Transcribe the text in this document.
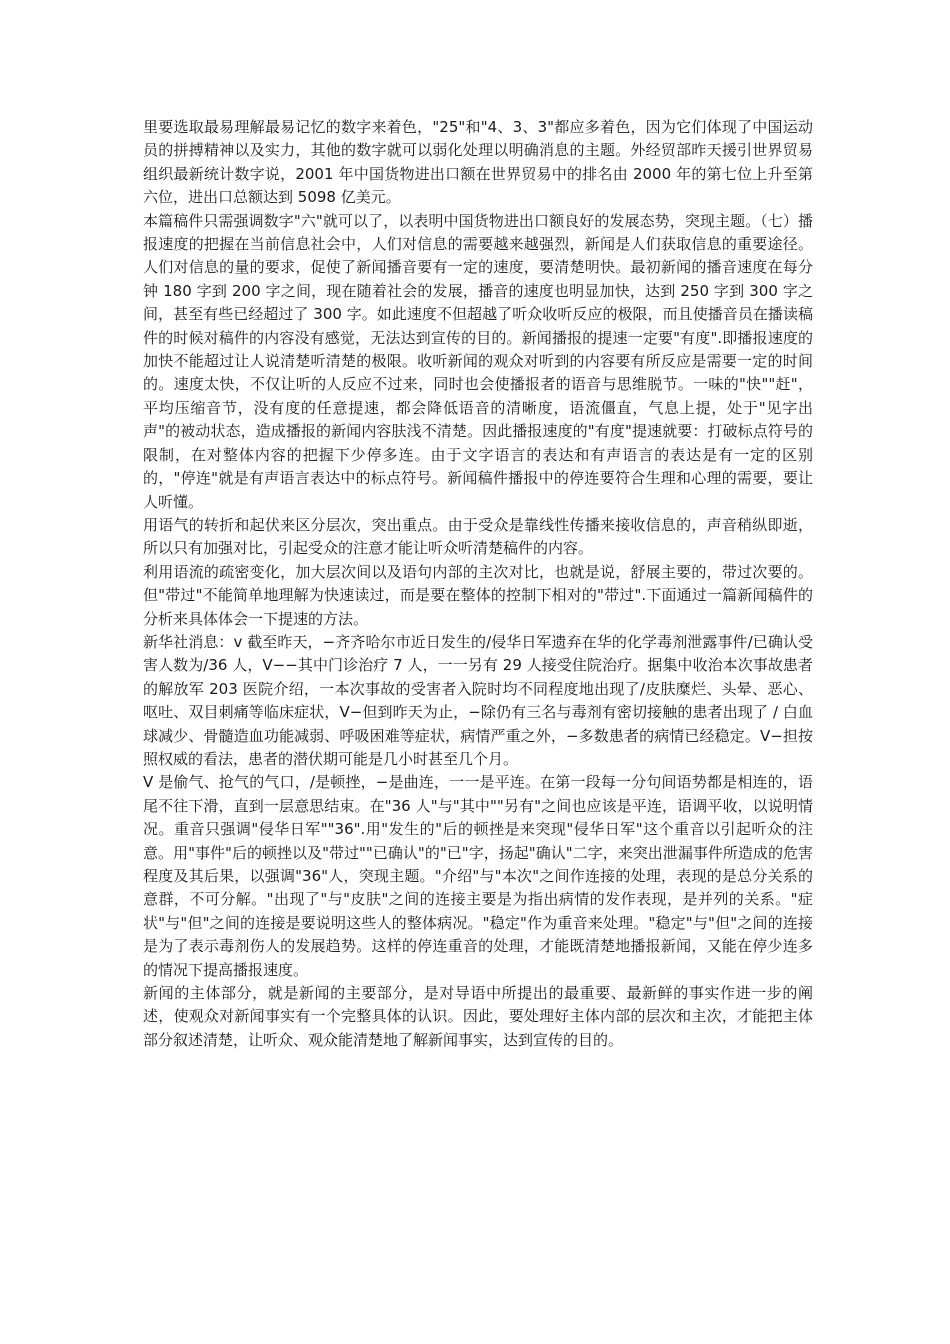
里要选取最易理解最易记忆的数字来着色，"25"和"4、3、3"都应多着色，因为它们体现了中国运动员的拼搏精神以及实力，其他的数字就可以弱化处理以明确消息的主题。外经贸部昨天援引世界贸易组织最新统计数字说，2001 年中国货物进出口额在世界贸易中的排名由 2000 年的第七位上升至第六位，进出口总额达到 5098 亿美元。

本篇稿件只需强调数字"六"就可以了，以表明中国货物进出口额良好的发展态势，突现主题。（七）播报速度的把握在当前信息社会中，人们对信息的需要越来越强烈，新闻是人们获取信息的重要途径。人们对信息的量的要求，促使了新闻播音要有一定的速度，要清楚明快。最初新闻的播音速度在每分钟 180 字到 200 字之间，现在随着社会的发展，播音的速度也明显加快，达到 250 字到 300 字之间，甚至有些已经超过了 300 字。如此速度不但超越了听众收听反应的极限，而且使播音员在播读稿件的时候对稿件的内容没有感觉，无法达到宣传的目的。新闻播报的提速一定要"有度".即播报速度的加快不能超过让人说清楚听清楚的极限。收听新闻的观众对听到的内容要有所反应是需要一定的时间的。速度太快，不仅让听的人反应不过来，同时也会使播报者的语音与思维脱节。一味的"快""赶"，平均压缩音节，没有度的任意提速，都会降低语音的清晰度，语流僵直，气息上提，处于"见字出声"的被动状态，造成播报的新闻内容肤浅不清楚。因此播报速度的"有度"提速就要：打破标点符号的限制，在对整体内容的把握下少停多连。由于文字语言的表达和有声语言的表达是有一定的区别的，"停连"就是有声语言表达中的标点符号。新闻稿件播报中的停连要符合生理和心理的需要，要让人听懂。

用语气的转折和起伏来区分层次，突出重点。由于受众是靠线性传播来接收信息的，声音稍纵即逝，所以只有加强对比，引起受众的注意才能让听众听清楚稿件的内容。

利用语流的疏密变化，加大层次间以及语句内部的主次对比，也就是说，舒展主要的，带过次要的。但"带过"不能简单地理解为快速读过，而是要在整体的控制下相对的"带过".下面通过一篇新闻稿件的分析来具体体会一下提速的方法。

新华社消息：v 截至昨天，−齐齐哈尔市近日发生的/侵华日军遗弃在华的化学毒剂泄露事件/已确认受害人数为/36 人，V−−其中门诊治疗 7 人，一一另有 29 人接受住院治疗。据集中收治本次事故患者的解放军 203 医院介绍，一本次事故的受害者入院时均不同程度地出现了/皮肤糜烂、头晕、恶心、呕吐、双目刺痛等临床症状，V−但到昨天为止，−除仍有三名与毒剂有密切接触的患者出现了 / 白血球减少、骨髓造血功能减弱、呼吸困难等症状，病情严重之外，−多数患者的病情已经稳定。V−担按照权威的看法，患者的潜伏期可能是几小时甚至几个月。

V 是偷气、抢气的气口，/是顿挫，−是曲连，一一是平连。在第一段每一分句间语势都是相连的，语尾不往下滑，直到一层意思结束。在"36 人"与"其中""另有"之间也应该是平连，语调平收，以说明情况。重音只强调"侵华日军""36".用"发生的"后的顿挫是来突现"侵华日军"这个重音以引起听众的注意。用"事件"后的顿挫以及"带过""已确认"的"已"字，扬起"确认"二字，来突出泄漏事件所造成的危害程度及其后果，以强调"36"人，突现主题。"介绍"与"本次"之间作连接的处理，表现的是总分关系的意群，不可分解。"出现了"与"皮肤"之间的连接主要是为指出病情的发作表现，是并列的关系。"症状"与"但"之间的连接是要说明这些人的整体病况。"稳定"作为重音来处理。"稳定"与"但"之间的连接是为了表示毒剂伤人的发展趋势。这样的停连重音的处理，才能既清楚地播报新闻，又能在停少连多的情况下提高播报速度。

新闻的主体部分，就是新闻的主要部分，是对导语中所提出的最重要、最新鲜的事实作进一步的阐述，使观众对新闻事实有一个完整具体的认识。因此，要处理好主体内部的层次和主次，才能把主体部分叙述清楚，让听众、观众能清楚地了解新闻事实，达到宣传的目的。
